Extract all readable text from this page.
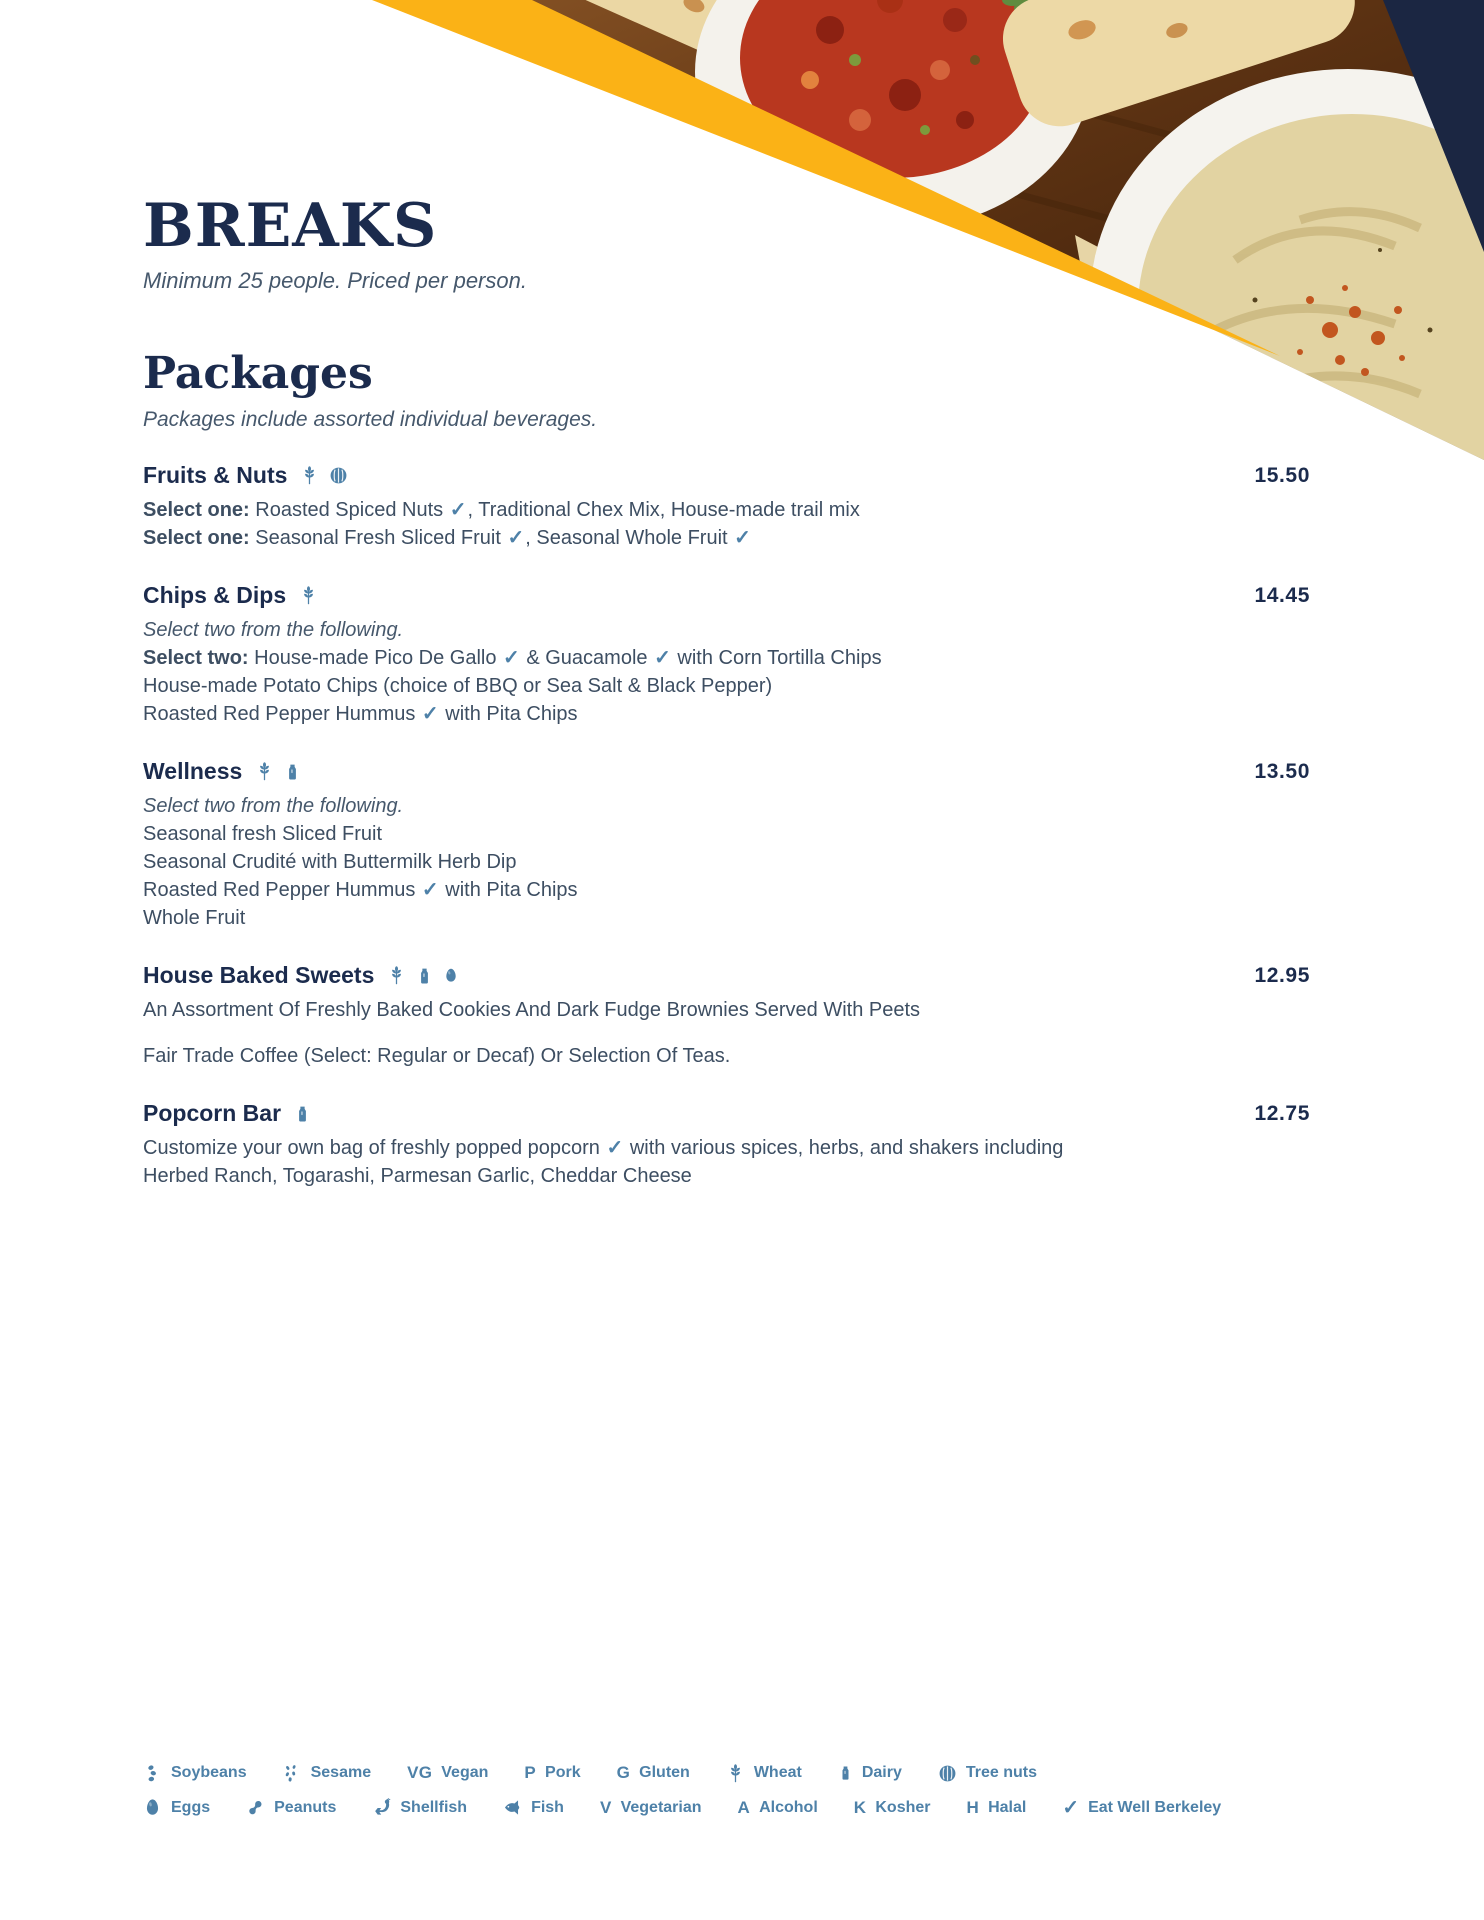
BREAKS
Minimum 25 people. Priced per person.
Packages
Packages include assorted individual beverages.
Fruits & Nuts	15.50
Select one: Roasted Spiced Nuts ✓, Traditional Chex Mix, House-made trail mix
Select one: Seasonal Fresh Sliced Fruit ✓, Seasonal Whole Fruit ✓
Chips & Dips	14.45
Select two from the following.
Select two: House-made Pico De Gallo ✓ & Guacamole ✓ with Corn Tortilla Chips
House-made Potato Chips (choice of BBQ or Sea Salt & Black Pepper)
Roasted Red Pepper Hummus ✓ with Pita Chips
Wellness	13.50
Select two from the following.
Seasonal fresh Sliced Fruit
Seasonal Crudité with Buttermilk Herb Dip
Roasted Red Pepper Hummus ✓ with Pita Chips
Whole Fruit
House Baked Sweets	12.95
An Assortment Of Freshly Baked Cookies And Dark Fudge Brownies Served With Peets
Fair Trade Coffee (Select: Regular or Decaf) Or Selection Of Teas.
Popcorn Bar	12.75
Customize your own bag of freshly popped popcorn ✓ with various spices, herbs, and shakers including
Herbed Ranch, Togarashi, Parmesan Garlic, Cheddar Cheese
Soybeans	Sesame VG Vegan P Pork G Gluten	Wheat	Dairy	Tree nuts
Eggs	Peanuts	Shellfish	Fish V Vegetarian A Alcohol K Kosher H Halal ✓ Eat Well Berkeley
